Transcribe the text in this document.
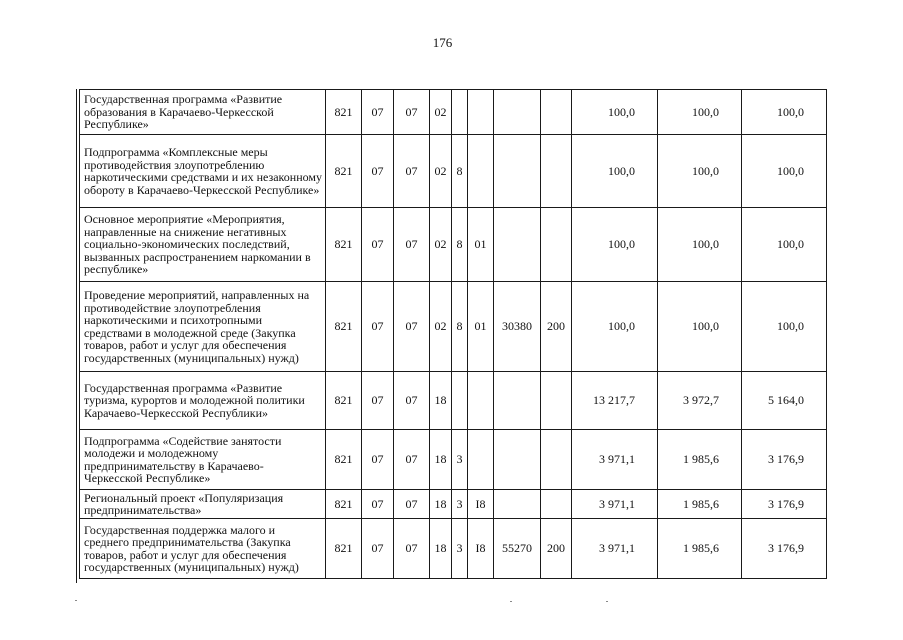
176
Государственная программа «Развитие образования в Карачаево-Черкесской Республике»	821	07	07	02					100,0	100,0	100,0
Подпрограмма «Комплексные меры противодействия злоупотреблению наркотическими средствами и их незаконному обороту в Карачаево-Черкесской Республике»	821	07	07	02	8				100,0	100,0	100,0
Основное мероприятие «Мероприятия, направленные на снижение негативных социально-экономических последствий, вызванных распространением наркомании в республике»	821	07	07	02	8	01			100,0	100,0	100,0
Проведение мероприятий, направленных на противодействие злоупотребления наркотическими и психотропными средствами в молодежной среде (Закупка товаров, работ и услуг для обеспечения государственных (муниципальных) нужд)	821	07	07	02	8	01	30380	200	100,0	100,0	100,0
Государственная программа «Развитие туризма, курортов и молодежной политики Карачаево-Черкесской Республики»	821	07	07	18					13 217,7	3 972,7	5 164,0
Подпрограмма «Содействие занятости молодежи и молодежному предпринимательству в Карачаево-Черкесской Республике»	821	07	07	18	3				3 971,1	1 985,6	3 176,9
Региональный проект «Популяризация предпринимательства»	821	07	07	18	3	I8			3 971,1	1 985,6	3 176,9
Государственная поддержка малого и среднего предпринимательства (Закупка товаров, работ и услуг для обеспечения государственных (муниципальных) нужд)	821	07	07	18	3	I8	55270	200	3 971,1	1 985,6	3 176,9
